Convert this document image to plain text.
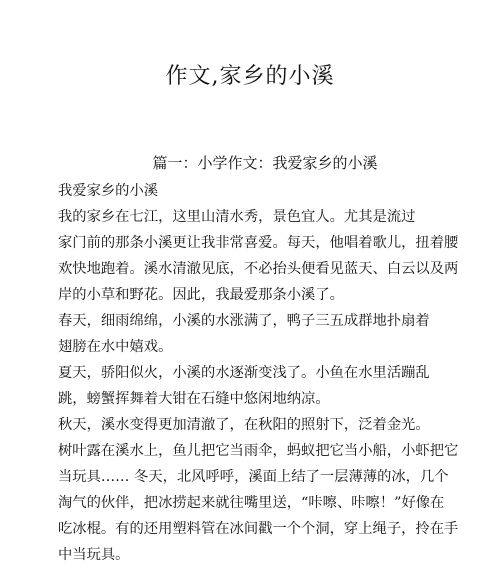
作文,家乡的小溪
篇一：小学作文：我爱家乡的小溪
我爱家乡的小溪
我的家乡在七江，这里山清水秀，景色宜人。尤其是流过
家门前的那条小溪更让我非常喜爱。每天，他唱着歌儿，扭着腰
欢快地跑着。溪水清澈见底，不必抬头便看见蓝天、白云以及两
岸的小草和野花。因此，我最爱那条小溪了。
春天，细雨绵绵，小溪的水涨满了，鸭子三五成群地扑扇着
翅膀在水中嬉戏。
夏天，骄阳似火，小溪的水逐渐变浅了。小鱼在水里活蹦乱
跳，螃蟹挥舞着大钳在石缝中悠闲地纳凉。
秋天，溪水变得更加清澈了，在秋阳的照射下，泛着金光。
树叶露在溪水上，鱼儿把它当雨伞，蚂蚁把它当小船，小虾把它
当玩具…… 冬天，北风呼呼，溪面上结了一层薄薄的冰，几个
淘气的伙伴，把冰捞起来就往嘴里送，“咔嚓、咔嚓！”好像在
吃冰棍。有的还用塑料管在冰间戳一个个洞，穿上绳子，拎在手
中当玩具。
